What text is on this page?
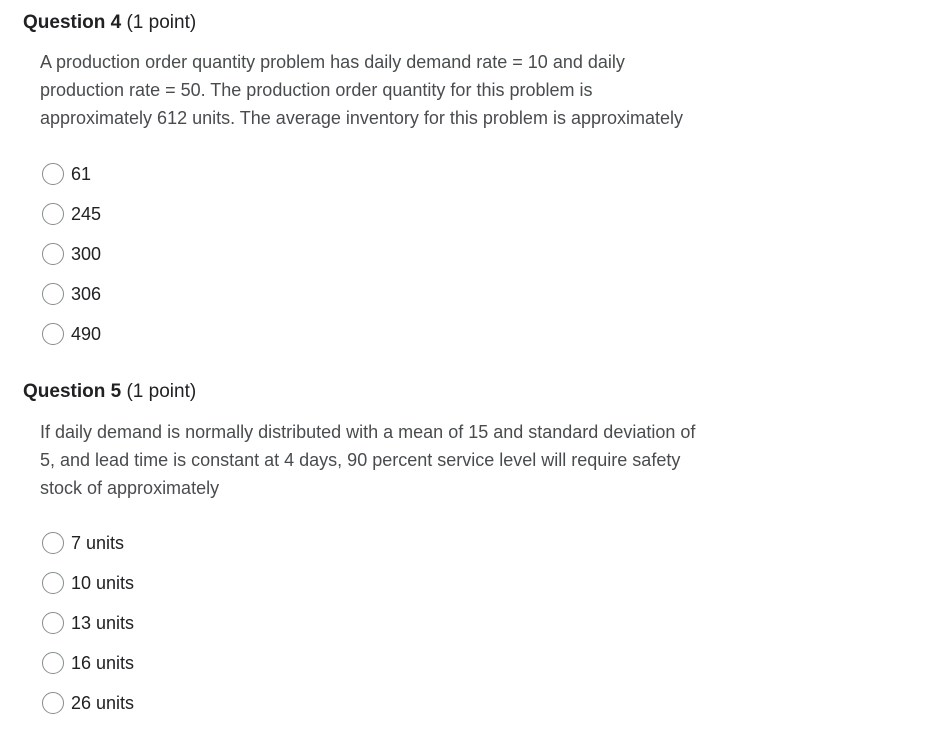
Question 4 (1 point)
A production order quantity problem has daily demand rate = 10 and daily
production rate = 50. The production order quantity for this problem is
approximately 612 units. The average inventory for this problem is approximately
61
245
300
306
490
Question 5 (1 point)
If daily demand is normally distributed with a mean of 15 and standard deviation of
5, and lead time is constant at 4 days, 90 percent service level will require safety
stock of approximately
7 units
10 units
13 units
16 units
26 units
